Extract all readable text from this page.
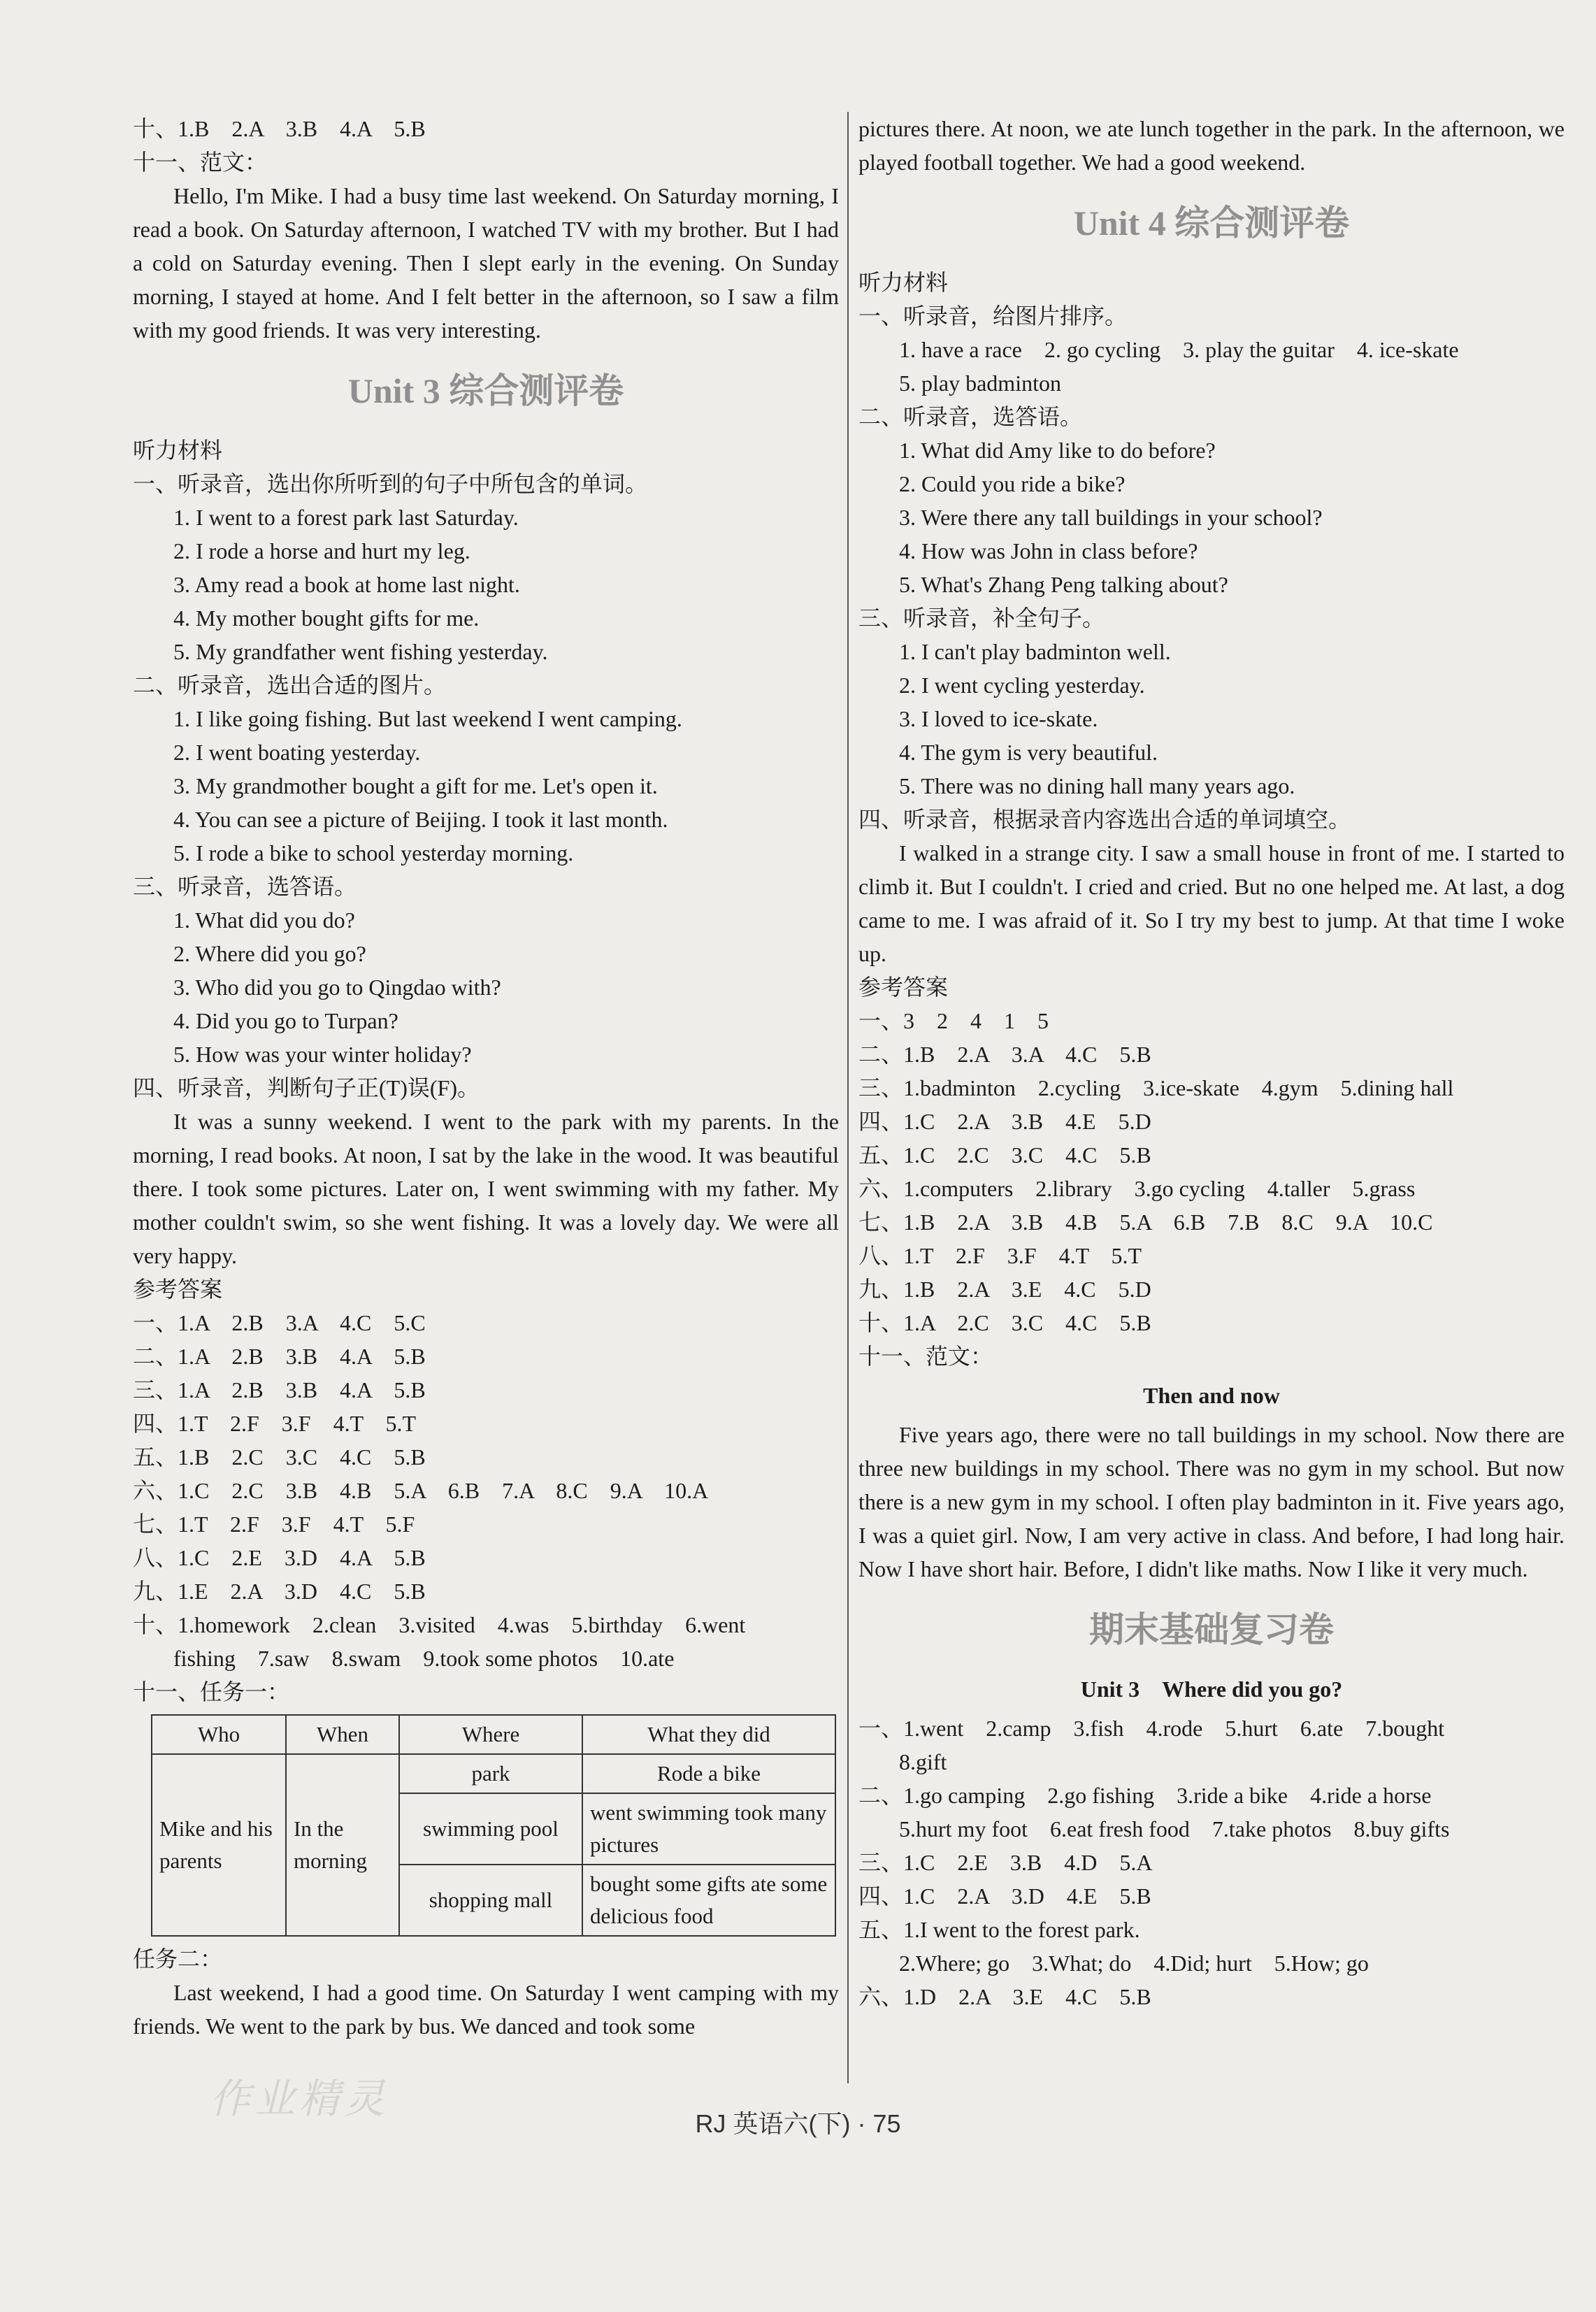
十、1.B　2.A　3.B　4.A　5.B
十一、范文：
Hello, I'm Mike. I had a busy time last weekend. On Saturday morning, I read a book. On Saturday afternoon, I watched TV with my brother. But I had a cold on Saturday evening. Then I slept early in the evening. On Sunday morning, I stayed at home. And I felt better in the afternoon, so I saw a film with my good friends. It was very interesting.
Unit 3 综合测评卷
听力材料
一、听录音，选出你所听到的句子中所包含的单词。
1. I went to a forest park last Saturday.
2. I rode a horse and hurt my leg.
3. Amy read a book at home last night.
4. My mother bought gifts for me.
5. My grandfather went fishing yesterday.
二、听录音，选出合适的图片。
1. I like going fishing. But last weekend I went camping.
2. I went boating yesterday.
3. My grandmother bought a gift for me. Let's open it.
4. You can see a picture of Beijing. I took it last month.
5. I rode a bike to school yesterday morning.
三、听录音，选答语。
1. What did you do?
2. Where did you go?
3. Who did you go to Qingdao with?
4. Did you go to Turpan?
5. How was your winter holiday?
四、听录音，判断句子正(T)误(F)。
It was a sunny weekend. I went to the park with my parents. In the morning, I read books. At noon, I sat by the lake in the wood. It was beautiful there. I took some pictures. Later on, I went swimming with my father. My mother couldn't swim, so she went fishing. It was a lovely day. We were all very happy.
参考答案
一、1.A　2.B　3.A　4.C　5.C
二、1.A　2.B　3.B　4.A　5.B
三、1.A　2.B　3.B　4.A　5.B
四、1.T　2.F　3.F　4.T　5.T
五、1.B　2.C　3.C　4.C　5.B
六、1.C　2.C　3.B　4.B　5.A　6.B　7.A　8.C　9.A　10.A
七、1.T　2.F　3.F　4.T　5.F
八、1.C　2.E　3.D　4.A　5.B
九、1.E　2.A　3.D　4.C　5.B
十、1.homework　2.clean　3.visited　4.was　5.birthday　6.went
fishing　7.saw　8.swam　9.took some photos　10.ate
十一、任务一：
Who	When	Where	What they did
Mike and his parents	In the morning	park	Rode a bike
		swimming pool	went swimming took many pictures
		shopping mall	bought some gifts ate some delicious food
任务二：
Last weekend, I had a good time. On Saturday I went camping with my friends. We went to the park by bus. We danced and took some
pictures there. At noon, we ate lunch together in the park. In the afternoon, we played football together. We had a good weekend.
Unit 4 综合测评卷
听力材料
一、听录音，给图片排序。
1. have a race　2. go cycling　3. play the guitar　4. ice-skate
5. play badminton
二、听录音，选答语。
1. What did Amy like to do before?
2. Could you ride a bike?
3. Were there any tall buildings in your school?
4. How was John in class before?
5. What's Zhang Peng talking about?
三、听录音，补全句子。
1. I can't play badminton well.
2. I went cycling yesterday.
3. I loved to ice-skate.
4. The gym is very beautiful.
5. There was no dining hall many years ago.
四、听录音，根据录音内容选出合适的单词填空。
I walked in a strange city. I saw a small house in front of me. I started to climb it. But I couldn't. I cried and cried. But no one helped me. At last, a dog came to me. I was afraid of it. So I try my best to jump. At that time I woke up.
参考答案
一、3　2　4　1　5
二、1.B　2.A　3.A　4.C　5.B
三、1.badminton　2.cycling　3.ice-skate　4.gym　5.dining hall
四、1.C　2.A　3.B　4.E　5.D
五、1.C　2.C　3.C　4.C　5.B
六、1.computers　2.library　3.go cycling　4.taller　5.grass
七、1.B　2.A　3.B　4.B　5.A　6.B　7.B　8.C　9.A　10.C
八、1.T　2.F　3.F　4.T　5.T
九、1.B　2.A　3.E　4.C　5.D
十、1.A　2.C　3.C　4.C　5.B
十一、范文：
Then and now
Five years ago, there were no tall buildings in my school. Now there are three new buildings in my school. There was no gym in my school. But now there is a new gym in my school. I often play badminton in it. Five years ago, I was a quiet girl. Now, I am very active in class. And before, I had long hair. Now I have short hair. Before, I didn't like maths. Now I like it very much.
期末基础复习卷
Unit 3　Where did you go?
一、1.went　2.camp　3.fish　4.rode　5.hurt　6.ate　7.bought
8.gift
二、1.go camping　2.go fishing　3.ride a bike　4.ride a horse
5.hurt my foot　6.eat fresh food　7.take photos　8.buy gifts
三、1.C　2.E　3.B　4.D　5.A
四、1.C　2.A　3.D　4.E　5.B
五、1.I went to the forest park.
2.Where; go　3.What; do　4.Did; hurt　5.How; go
六、1.D　2.A　3.E　4.C　5.B
作业精灵
RJ 英语六(下) · 75
